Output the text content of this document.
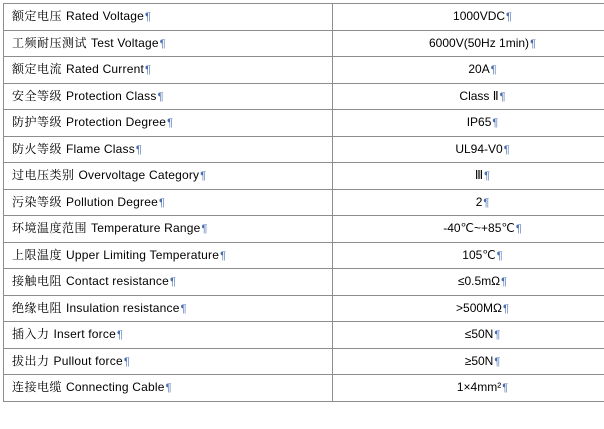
额定电压 Rated Voltage¶	1000VDC¶
工频耐压测试 Test Voltage¶	6000V(50Hz 1min)¶
额定电流 Rated Current¶	20A¶
安全等级 Protection Class¶	Class Ⅱ¶
防护等级 Protection Degree¶	IP65¶
防火等级 Flame Class¶	UL94-V0¶
过电压类别 Overvoltage Category¶	Ⅲ¶
污染等级 Pollution Degree¶	2¶
环境温度范围 Temperature Range¶	-40℃~+85℃¶
上限温度 Upper Limiting Temperature¶	105℃¶
接触电阻 Contact resistance¶	≤0.5mΩ¶
绝缘电阻 Insulation resistance¶	>500MΩ¶
插入力 Insert force¶	≤50N¶
拔出力 Pullout force¶	≥50N¶
连接电缆 Connecting Cable¶	1×4mm²¶
